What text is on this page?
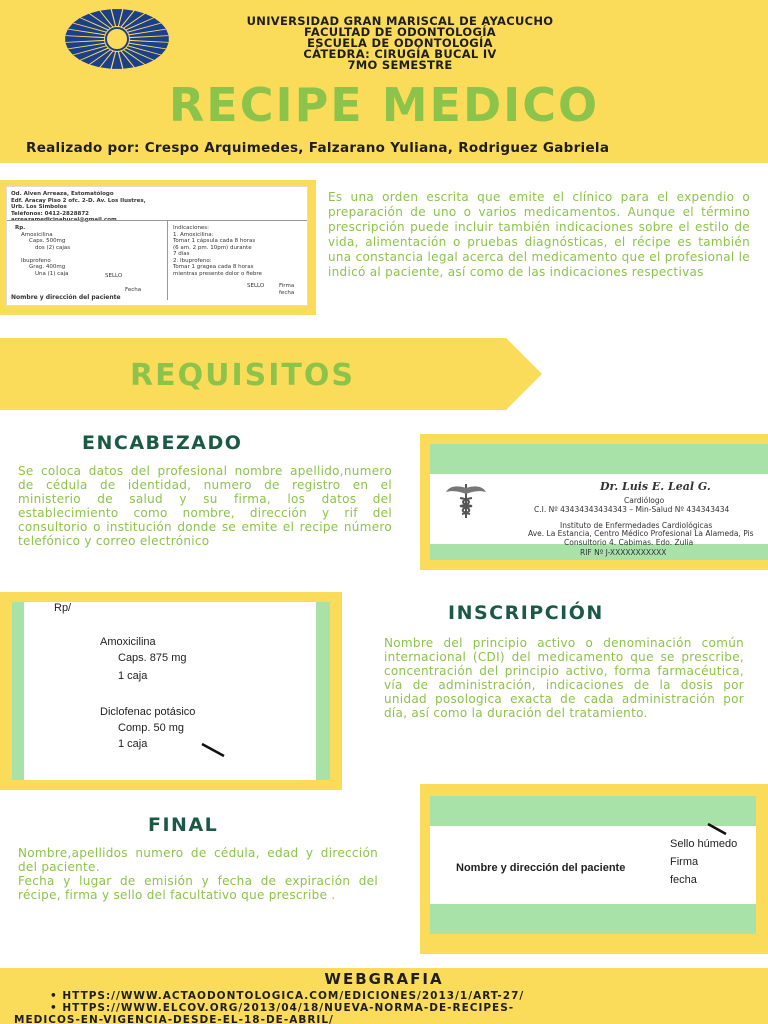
UNIVERSIDAD GRAN MARISCAL DE AYACUCHO
FACULTAD DE ODONTOLOGÍA
ESCUELA DE ODONTOLOGÍA
CÁTEDRA: CIRUGÍA BUCAL IV
7MO SEMESTRE
RECIPE MEDICO
Realizado por: Crespo Arquimedes, Falzarano Yuliana, Rodriguez Gabriela
Od. Alven Arreaza, Estomatólogo
Edf. Aracay Piso 2 ofc. 2-D. Av. Los Ilustres,
Urb. Los Simbolos
Teléfonos: 0412-2828872
Rp.
Amoxicilina
Caps. 500mg
dos (2) cajas

Ibuprofeno
Grag. 400mg
Una (1) caja
Indicaciones:
1. Amoxicilina:
Tomar 1 cápsula cada 8 horas
(6 am. 2 pm. 10pm) durante
7 días
2. Ibuprofeno:
Tomar 1 gragea cada 8 horas
mientras presente dolor o fiebre
SELLO
Fecha
Nombre y dirección del paciente
SELLO	Firma
fecha
Es una orden escrita que emite el clínico para el expendio o preparación de uno o varios medicamentos. Aunque el término prescripción puede incluir también indicaciones sobre el estilo de vida, alimentación o pruebas diagnósticas, el récipe es también una constancia legal acerca del medicamento que el profesional le indicó al paciente, así como de las indicaciones respectivas
REQUISITOS
ENCABEZADO
Se coloca datos del profesional nombre apellido,numero de cédula de identidad, numero de registro en el ministerio de salud y su firma, los datos del establecimiento como nombre, dirección y rif del consultorio o institución donde se emite el recipe número telefónico y correo electrónico
Dr. Luis E. Leal G.
Cardiólogo
C.I. Nº 43434343434343 – Min-Salud Nº 434343434
Instituto de Enfermedades Cardiológicas
Ave. La Estancia, Centro Médico Profesional La Alameda, Pis
Consultorio 4. Cabimas. Edo. Zulia
RIF Nº J-XXXXXXXXXXX
Rp/
Amoxicilina
Caps. 875 mg
1 caja
Diclofenac potásico
Comp. 50 mg
1 caja
INSCRIPCIÓN
Nombre del principio activo o denominación común internacional (CDI) del medicamento que se prescribe, concentración del principio activo, forma farmacéutica, vía de administración, indicaciones de la dosis por unidad posologica exacta de cada administración por día, así como la duración del tratamiento.
FINAL
Nombre,apellidos numero de cédula, edad y dirección del paciente.
Fecha y lugar de emisión y fecha de expiración del récipe, firma y sello del facultativo que prescribe .
Nombre y dirección del paciente
Sello húmedo
Firma
fecha
WEBGRAFIA
• HTTPS://WWW.ACTAODONTOLOGICA.COM/EDICIONES/2013/1/ART-27/
• HTTPS://WWW.ELCOV.ORG/2013/04/18/NUEVA-NORMA-DE-RECIPES-
MEDICOS-EN-VIGENCIA-DESDE-EL-18-DE-ABRIL/
